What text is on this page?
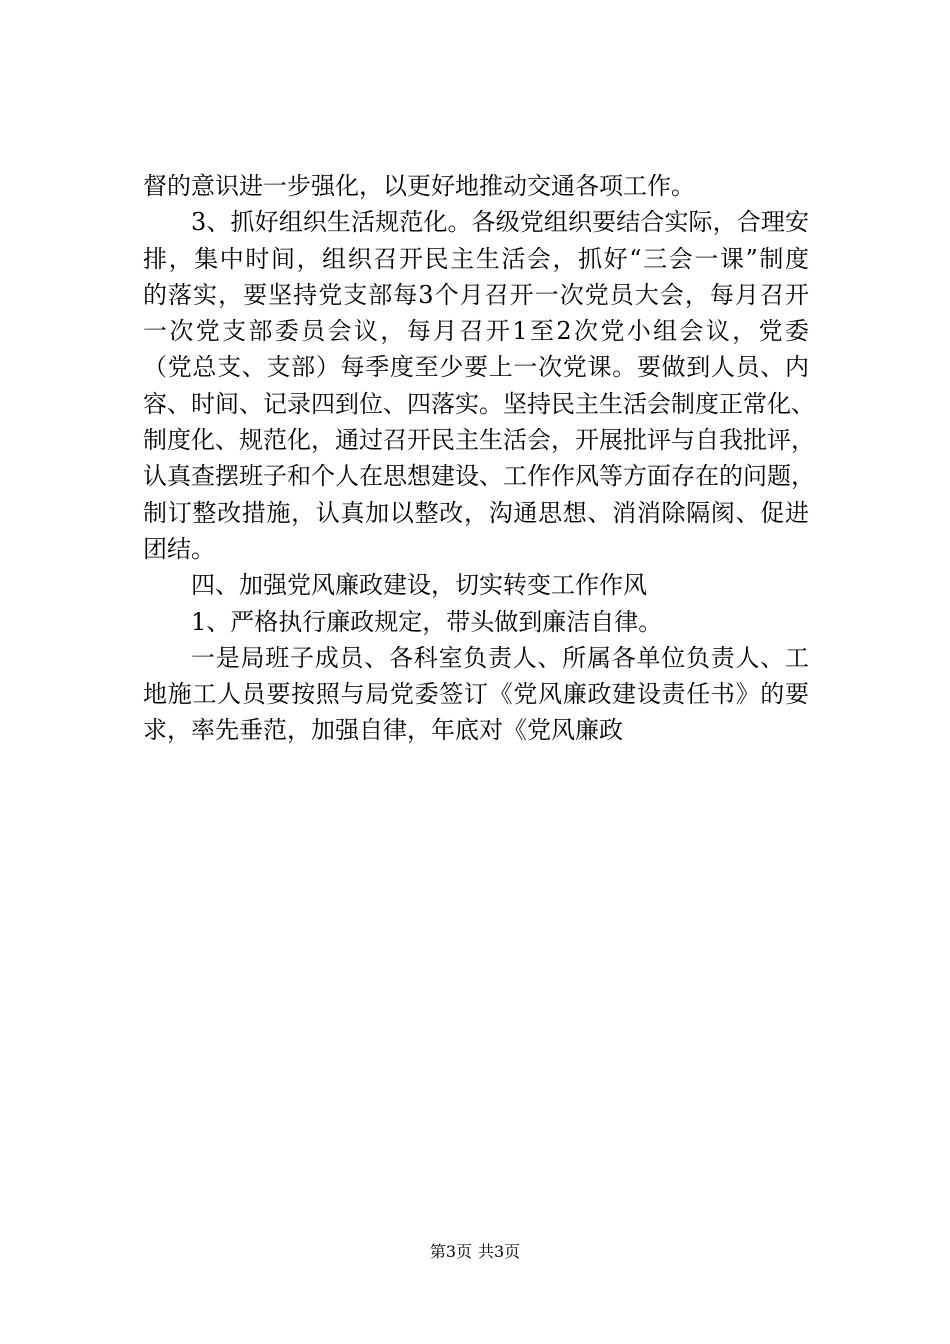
督的意识进一步强化，以更好地推动交通各项工作。
3、抓好组织生活规范化。各级党组织要结合实际，合理安
排，集中时间，组织召开民主生活会，抓好“三会一课”制度
的落实，要坚持党支部每3个月召开一次党员大会，每月召开
一次党支部委员会议，每月召开1至2次党小组会议，党委
（党总支、支部）每季度至少要上一次党课。要做到人员、内
容、时间、记录四到位、四落实。坚持民主生活会制度正常化、
制度化、规范化，通过召开民主生活会，开展批评与自我批评，
认真查摆班子和个人在思想建设、工作作风等方面存在的问题，
制订整改措施，认真加以整改，沟通思想、消消除隔阂、促进
团结。
四、加强党风廉政建设，切实转变工作作风
1、严格执行廉政规定，带头做到廉洁自律。
一是局班子成员、各科室负责人、所属各单位负责人、工
地施工人员要按照与局党委签订《党风廉政建设责任书》的要
求，率先垂范，加强自律，年底对《党风廉政
第3页 共3页
